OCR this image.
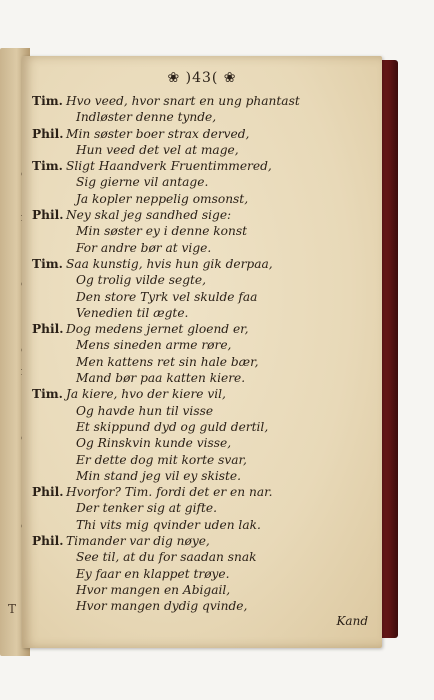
T
❀ )43( ❀
Tim. Hvo veed, hvor snart en ung phantast
Indløster denne tynde,
Phil. Min søster boer strax derved,
Hun veed det vel at mage,
Tim. Sligt Haandverk Fruentimmered,
Sig gierne vil antage.
Ja kopler neppelig omsonst,
Phil. Ney skal jeg sandhed sige:
Min søster ey i denne konst
For andre bør at vige.
Tim. Saa kunstig, hvis hun gik derpaa,
Og trolig vilde segte,
Den store Tyrk vel skulde faa
Venedien til ægte.
Phil. Dog medens jernet gloend er,
Mens sineden arme røre,
Men kattens ret sin hale bær,
Mand bør paa katten kiere.
Tim. Ja kiere, hvo der kiere vil,
Og havde hun til visse
Et skippund dyd og guld dertil,
Og Rinskvin kunde visse,
Er dette dog mit korte svar,
Min stand jeg vil ey skiste.
Phil. Hvorfor? Tim. fordi det er en nar.
Der tenker sig at gifte.
Thi vits mig qvinder uden lak.
Phil. Timander var dig nøye,
See til, at du for saadan snak
Ey faar en klappet trøye.
Hvor mangen en Abigail,
Hvor mangen dydig qvinde,
Kand
